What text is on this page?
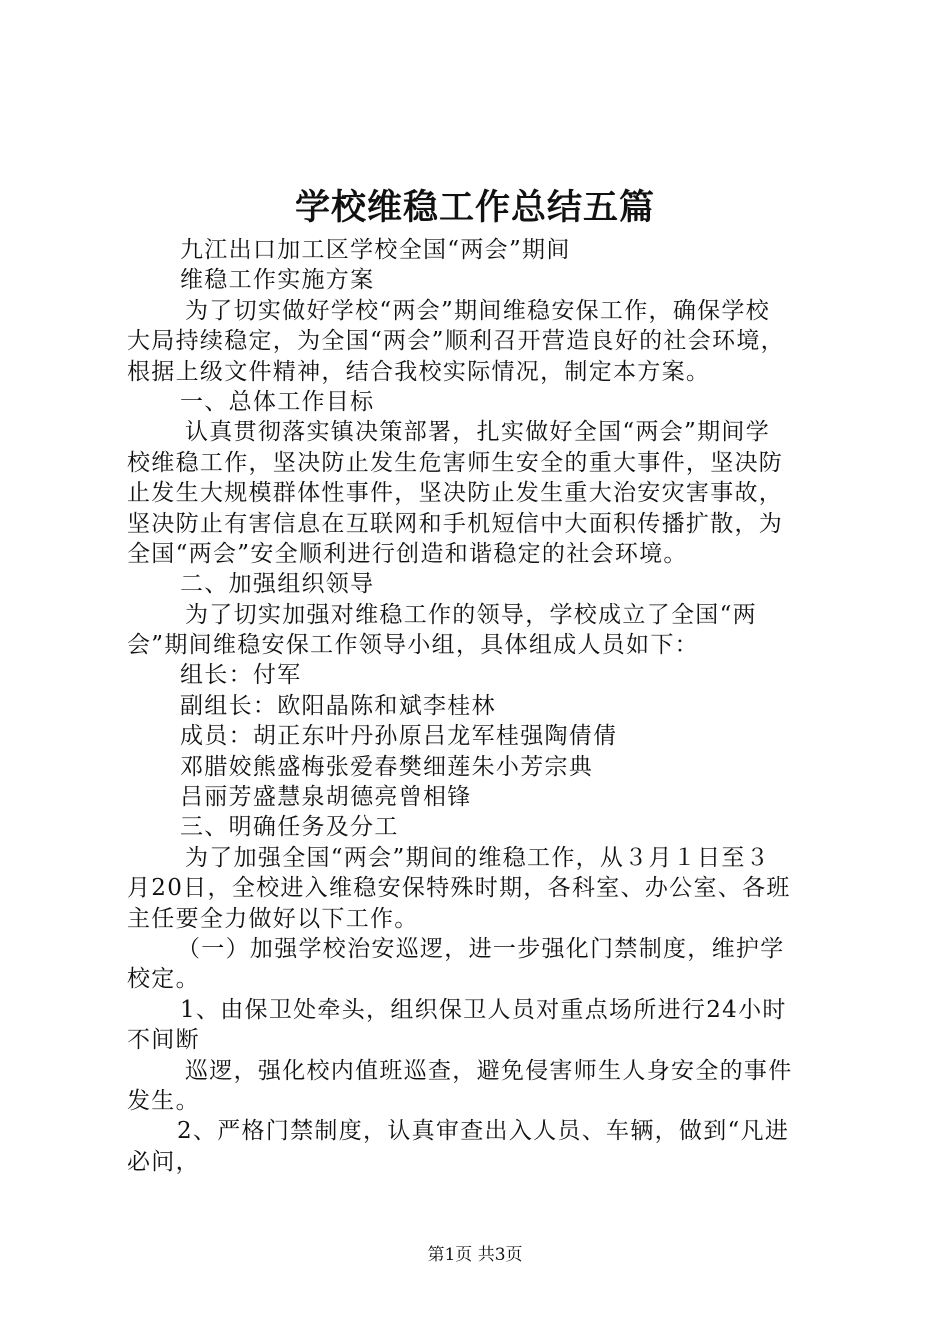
学校维稳工作总结五篇
九江出口加工区学校全国“两会”期间
维稳工作实施方案
为了切实做好学校“两会”期间维稳安保工作，确保学校
大局持续稳定，为全国“两会”顺利召开营造良好的社会环境，
根据上级文件精神，结合我校实际情况，制定本方案。
一、总体工作目标
认真贯彻落实镇决策部署，扎实做好全国“两会”期间学
校维稳工作，坚决防止发生危害师生安全的重大事件，坚决防
止发生大规模群体性事件，坚决防止发生重大治安灾害事故，
坚决防止有害信息在互联网和手机短信中大面积传播扩散，为
全国“两会”安全顺利进行创造和谐稳定的社会环境。
二、加强组织领导
为了切实加强对维稳工作的领导，学校成立了全国“两
会”期间维稳安保工作领导小组，具体组成人员如下：
组长：付军
副组长：欧阳晶陈和斌李桂林
成员：胡正东叶丹孙原吕龙军桂强陶倩倩
邓腊姣熊盛梅张爱春樊细莲朱小芳宗典
吕丽芳盛慧泉胡德亮曾相锋
三、明确任务及分工
为了加强全国“两会”期间的维稳工作，从３月１日至３
月20日，全校进入维稳安保特殊时期，各科室、办公室、各班
主任要全力做好以下工作。
（一）加强学校治安巡逻，进一步强化门禁制度，维护学
校定。
1、由保卫处牵头，组织保卫人员对重点场所进行24小时
不间断
巡逻，强化校内值班巡查，避免侵害师生人身安全的事件
发生。
2、严格门禁制度，认真审查出入人员、车辆，做到“凡进
必问，
第1页 共3页
